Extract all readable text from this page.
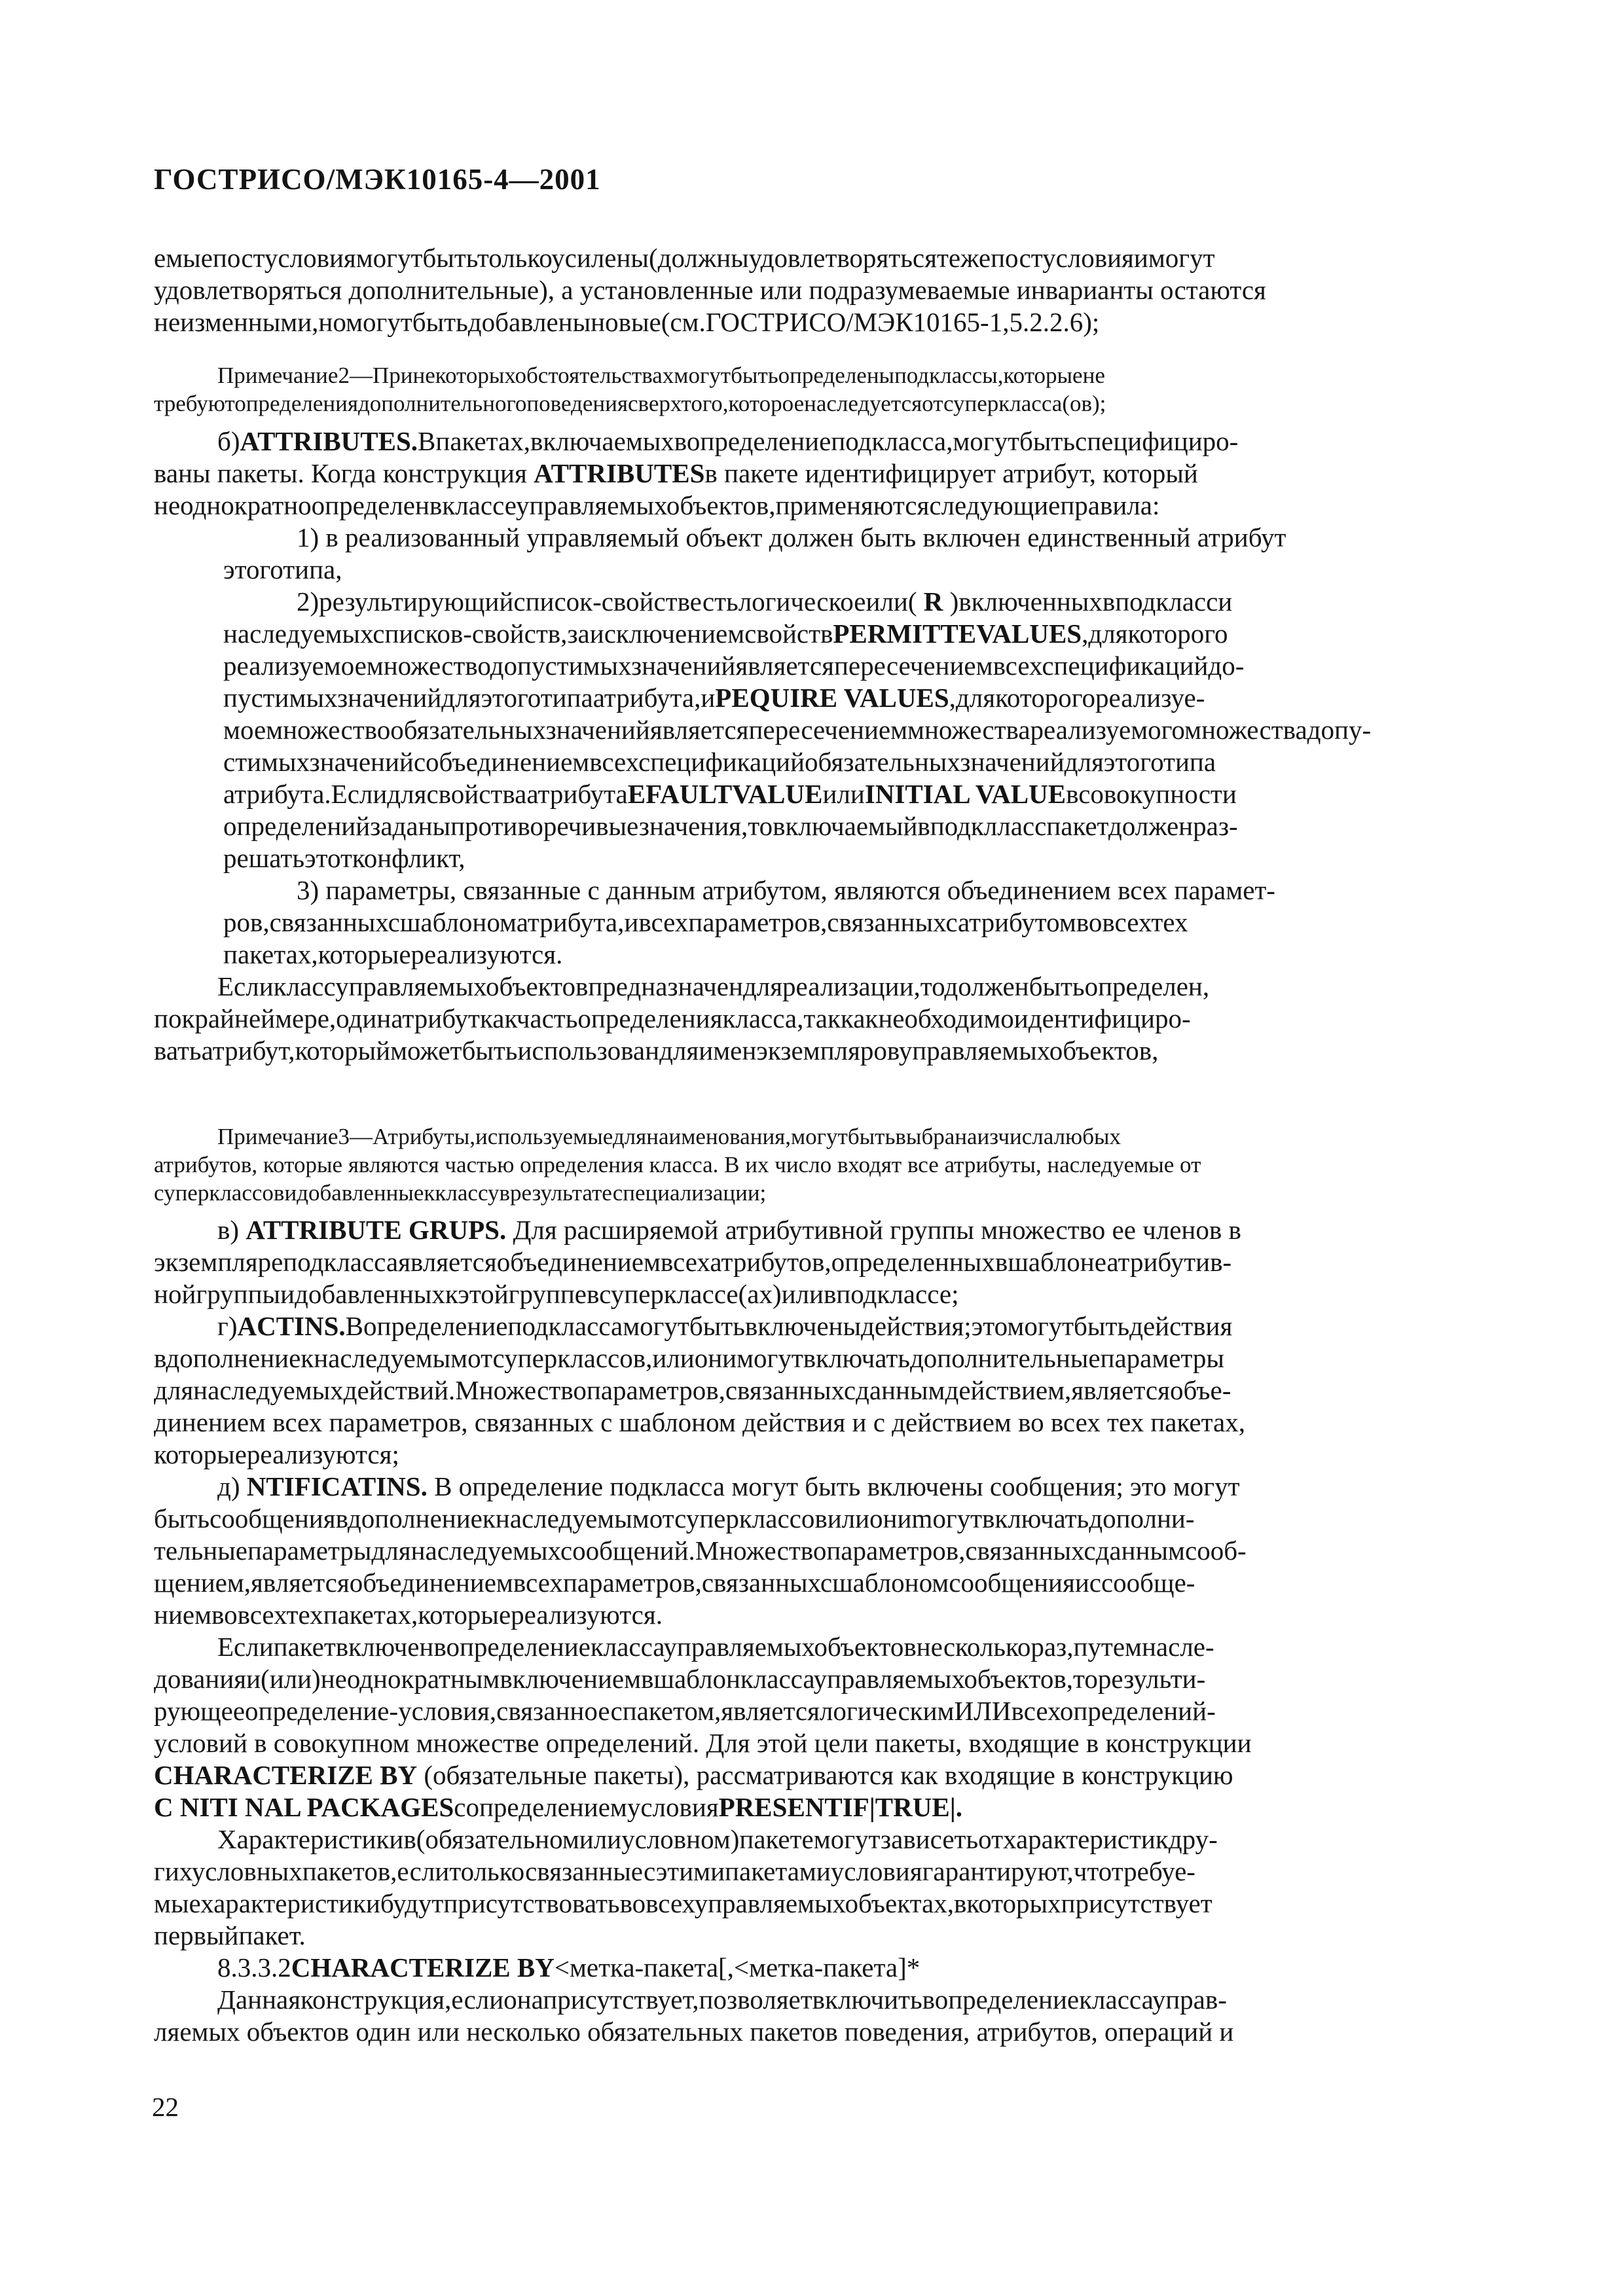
ГОСТРИСО/МЭК10165-4—2001
емыепостусловиямогутбытьтолькоусилены(должныудовлетворятьсятежепостусловияимогут
удовлетворяться дополнительные), а установленные или подразумеваемые инварианты остаются
неизменными,номогутбытьдобавленыновые(см.ГОСТРИСО/МЭК10165-1,5.2.2.6);
Примечание2—Принекоторыхобстоятельствахмогутбытьопределеныподклассы,которыене
требуютопределениядополнительногоповедениясверхтого,котороенаследуетсяотсуперкласса(ов);
б)ATTRIBUTES.Впакетах,включаемыхвопределениеподкласса,могутбытьспецифициро-
ваны пакеты. Когда конструкция ATTRIBUTESв пакете идентифицирует атрибут, который
неоднократноопределенвклассеуправляемыхобъектов,применяютсяследующиеправила:
1) в реализованный управляемый объект должен быть включен единственный атрибут
этоготипа,
2)результирующийсписок-свойствестьлогическоеили( R )включенныхвподкласси
наследуемыхсписков-свойств,заисключениемсвойствPERMITTEVALUES,длякоторого
реализуемоемножестводопустимыхзначенийявляетсяпересечениемвсехспецификацийдо-
пустимыхзначенийдляэтоготипаатрибута,иPEQUIRE VALUES,длякоторогореализуе-
моемножествообязательныхзначенийявляетсяпересечениеммножествареализуемогомножествадопу-
стимыхзначенийсобъединениемвсехспецификацийобязательныхзначенийдляэтоготипа
атрибута.ЕслидлясвойстваатрибутаEFAULTVALUEилиINITIAL VALUEвсовокупности
определенийзаданыпротиворечивыезначения,товключаемыйвподклласспакетдолженраз-
решатьэтотконфликт,
3) параметры, связанные с данным атрибутом, являются объединением всех парамет-
ров,связанныхсшаблономатрибута,ивсехпараметров,связанныхсатрибутомвовсехтех
пакетах,которыереализуются.
Есликлассуправляемыхобъектовпредназначендляреализации,тодолженбытьопределен,
покрайнеймере,одинатрибуткакчастьопределениякласса,таккакнеобходимоидентифициро-
ватьатрибут,которыйможетбытьиспользовандляименэкземпляровуправляемыхобъектов,
Примечание3—Атрибуты,используемыедлянаименования,могутбытьвыбранаизчислалюбых
атрибутов, которые являются частью определения класса. В их число входят все атрибуты, наследуемые от
суперклассовидобавленныекклассуврезультатеспециализации;
в) ATTRIBUTE GRUPS. Для расширяемой атрибутивной группы множество ее членов в
экземплярeподклассаявляетсяобъединениемвсехатрибутов,определенныхвшаблонеатрибутив-
нойгруппыидобавленныхкэтойгруппевсуперклассе(ах)иливподклассе;
г)ACTINS.Вопределениеподклассамогутбытьвключеныдействия;этомогутбытьдействия
вдополнениекнаследуемымотсуперклассов,илионимогутвключатьдополнительныепараметры
длянаследуемыхдействий.Множествопараметров,связанныхсданнымдействием,являетсяобъе-
динением всех параметров, связанных с шаблоном действия и с действием во всех тех пакетах,
которыереализуются;
д) NTIFICATINS. В определение подкласса могут быть включены сообщения; это могут
бытьсообщениявдополнениекнаследуемымотсуперклассовилиониmогутвключатьдополни-
тельныепараметрыдлянаследуемыхсообщений.Множествопараметров,связанныхсданнымсооб-
щением,являетсяобъединениемвсехпараметров,связанныхсшаблономсообщенияиссообще-
ниемвовсехтехпакетах,которыереализуются.
Еслипакетвключенвопределениеклассауправляемыхобъектовнесколькораз,путемнасле-
дованияи(или)неоднократнымвключениемвшаблонклассауправляемыхобъектов,торезульти-
рующееопределение-условия,связанноеспакетом,являетсялогическимИЛИвсехопределений-
условий в совокупном множестве определений. Для этой цели пакеты, входящие в конструкции
CHARACTERIZE BY (обязательные пакеты), рассматриваются как входящие в конструкцию
C NITI NAL PACKAGESсопределениемусловияPRESENTIF|TRUE|.
Характеристикив(обязательномилиусловном)пакетемогутзависетьотхарактеристикдру-
гихусловныхпакетов,еслитолькосвязанныесэтимипакетамиусловиягарантируют,чтотребуе-
мыехарактеристикибудутприсутствоватьвовсехуправляемыхобъектах,вкоторыхприсутствует
первыйпакет.
8.3.3.2CHARACTERIZE BY<метка-пакета[,<метка-пакета]*
Даннаяконструкция,еслионаприсутствует,позволяетвключитьвопределениеклассауправ-
ляемых объектов один или несколько обязательных пакетов поведения, атрибутов, операций и
22
